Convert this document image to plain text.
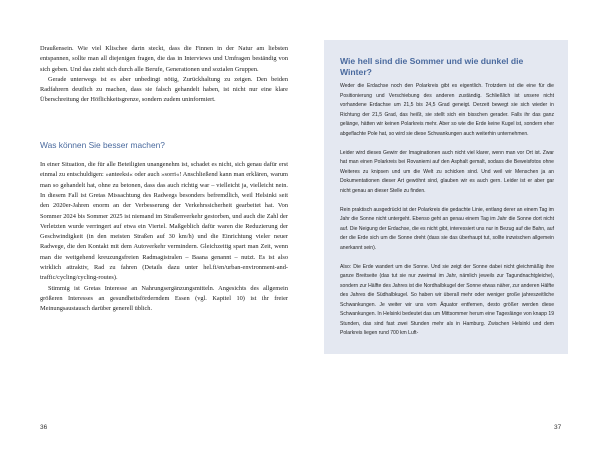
Draußensein. Wie viel Klischee darin steckt, dass die Finnen in der Natur am liebsten entspannen, sollte man all diejenigen fragen, die das in Interviews und Umfragen beständig von sich geben. Und das zieht sich durch alle Berufe, Generationen und sozialen Gruppen.

Gerade unterwegs ist es aber unbedingt nötig, Zurückhaltung zu zeigen. Den beiden Radfahrern deutlich zu machen, dass sie falsch gehandelt haben, ist nicht nur eine klare Überschreitung der Höflichkeitsgrenze, sondern zudem uninformiert.

Was können Sie besser machen?

In einer Situation, die für alle Beteiligten unangenehm ist, schadet es nicht, sich genau dafür erst einmal zu entschuldigen: »anteeksi« oder auch »sorri«! Anschließend kann man erklären, warum man so gehandelt hat, ohne zu betonen, dass das auch richtig war – vielleicht ja, vielleicht nein. In diesem Fall ist Gretas Missachtung des Radwegs besonders befremdlich, weil Helsinki seit den 2020er-Jahren enorm an der Verbesserung der Verkehrssicherheit gearbeitet hat. Von Sommer 2024 bis Sommer 2025 ist niemand im Straßenverkehr gestorben, und auch die Zahl der Verletzten wurde verringert auf etwa ein Viertel. Maßgeblich dafür waren die Reduzierung der Geschwindigkeit (in den meisten Straßen auf 30 km/h) und die Einrichtung vieler neuer Radwege, die den Kontakt mit dem Autoverkehr vermindern. Gleichzeitig spart man Zeit, wenn man die weitgehend kreuzungsfreien Radmagistralen – Baana genannt – nutzt. Es ist also wirklich attraktiv, Rad zu fahren (Details dazu unter hel.fi/en/urban-environment-and-traffic/cycling/cycling-routes).

Stimmig ist Gretas Interesse an Nahrungsergänzungsmitteln. Angesichts des allgemein größeren Interesses an gesundheitsförderndem Essen (vgl. Kapitel 10) ist ihr freier Meinungsaustausch darüber generell üblich.

36
Wie hell sind die Sommer und wie dunkel die Winter?

Weder die Erdachse noch den Polarkreis gibt es eigentlich. Trotzdem ist die eine für die Positionierung und Verschiebung des anderen zuständig. Schließlich ist unsere nicht vorhandene Erdachse um 21,5 bis 24,5 Grad geneigt. Derzeit bewegt sie sich wieder in Richtung der 21,5 Grad, das heißt, sie stellt sich ein bisschen gerader. Falls ihr das ganz gelänge, hätten wir keinen Polarkreis mehr. Aber so wie die Erde keine Kugel ist, sondern eher abgeflachte Pole hat, so wird sie diese Schwankungen auch weiterhin unternehmen.

Leider wird dieses Gewirr der Imaginationen auch nicht viel klarer, wenn man vor Ort ist. Zwar hat man einen Polarkreis bei Rovaniemi auf den Asphalt gemalt, sodass die Beweisfotos ohne Weiteres zu knipsen und um die Welt zu schicken sind. Und weil wir Menschen ja an Dokumentationen dieser Art gewöhnt sind, glauben wir es auch gern. Leider ist er aber gar nicht genau an dieser Stelle zu finden.

Rein praktisch ausgedrückt ist der Polarkreis die gedachte Linie, entlang derer an einem Tag im Jahr die Sonne nicht untergeht. Ebenso geht an genau einem Tag im Jahr die Sonne dort nicht auf. Die Neigung der Erdachse, die es nicht gibt, interessiert uns nur in Bezug auf die Bahn, auf der die Erde sich um die Sonne dreht (dass sie das überhaupt tut, sollte inzwischen allgemein anerkannt sein).

Also: Die Erde wandert um die Sonne. Und sie zeigt der Sonne dabei nicht gleichmäßig ihre ganze Breitseite (das tut sie nur zweimal im Jahr, nämlich jeweils zur Tagundnachtgleiche), sondern zur Hälfte des Jahres ist die Nordhalbkugel der Sonne etwas näher, zur anderen Hälfte des Jahres die Südhalbkugel. So haben wir überall mehr oder weniger große jahreszeitliche Schwankungen. Je weiter wir uns vom Äquator entfernen, desto größer werden diese Schwankungen. In Helsinki bedeutet das um Mittsommer herum eine Tageslänge von knapp 19 Stunden, das sind fast zwei Stunden mehr als in Hamburg. Zwischen Helsinki und dem Polarkreis liegen rund 700 km Luft-

37
